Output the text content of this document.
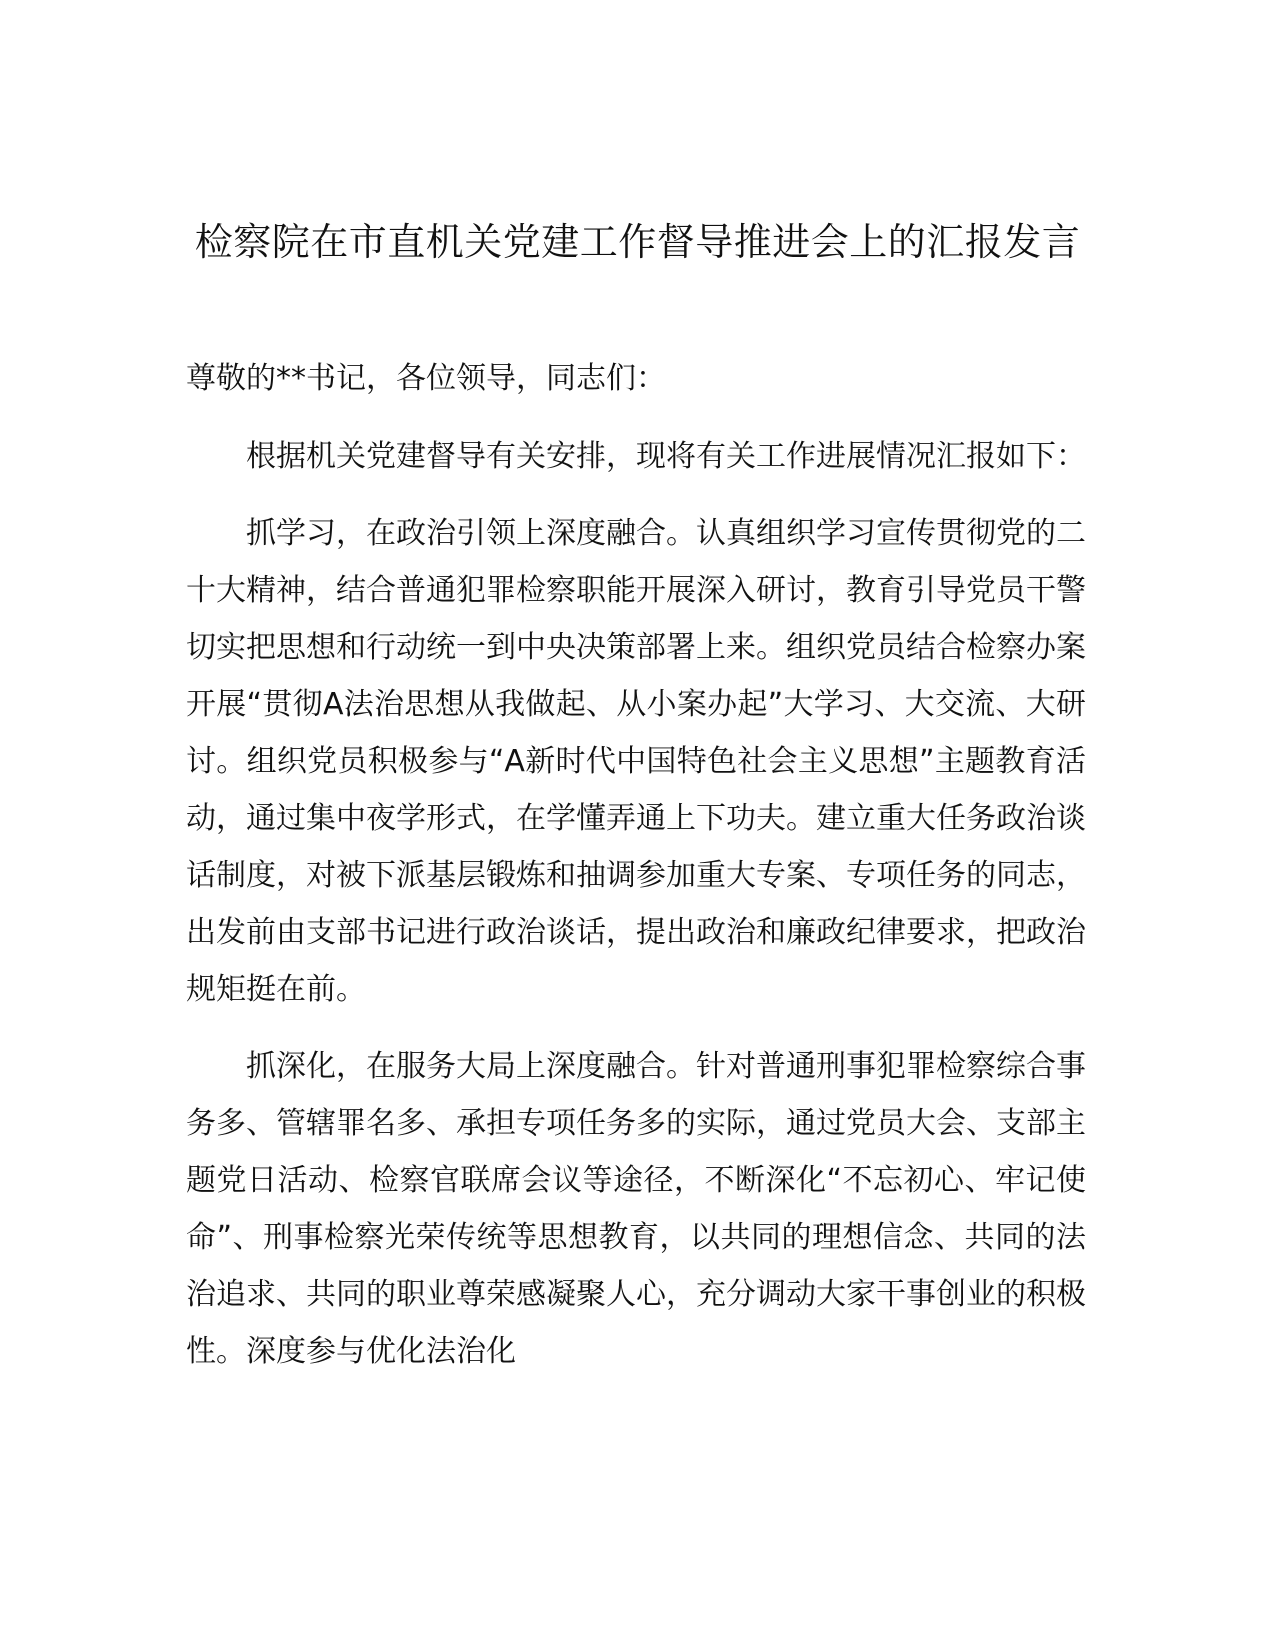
检察院在市直机关党建工作督导推进会上的汇报发言

尊敬的**书记，各位领导，同志们：

根据机关党建督导有关安排，现将有关工作进展情况汇报如下：

抓学习，在政治引领上深度融合。认真组织学习宣传贯彻党的二十大精神，结合普通犯罪检察职能开展深入研讨，教育引导党员干警切实把思想和行动统一到中央决策部署上来。组织党员结合检察办案开展“贯彻A法治思想从我做起、从小案办起”大学习、大交流、大研讨。组织党员积极参与“A新时代中国特色社会主义思想”主题教育活动，通过集中夜学形式，在学懂弄通上下功夫。建立重大任务政治谈话制度，对被下派基层锻炼和抽调参加重大专案、专项任务的同志，出发前由支部书记进行政治谈话，提出政治和廉政纪律要求，把政治规矩挺在前。

抓深化，在服务大局上深度融合。针对普通刑事犯罪检察综合事务多、管辖罪名多、承担专项任务多的实际，通过党员大会、支部主题党日活动、检察官联席会议等途径，不断深化“不忘初心、牢记使命”、刑事检察光荣传统等思想教育，以共同的理想信念、共同的法治追求、共同的职业尊荣感凝聚人心，充分调动大家干事创业的积极性。深度参与优化法治化
